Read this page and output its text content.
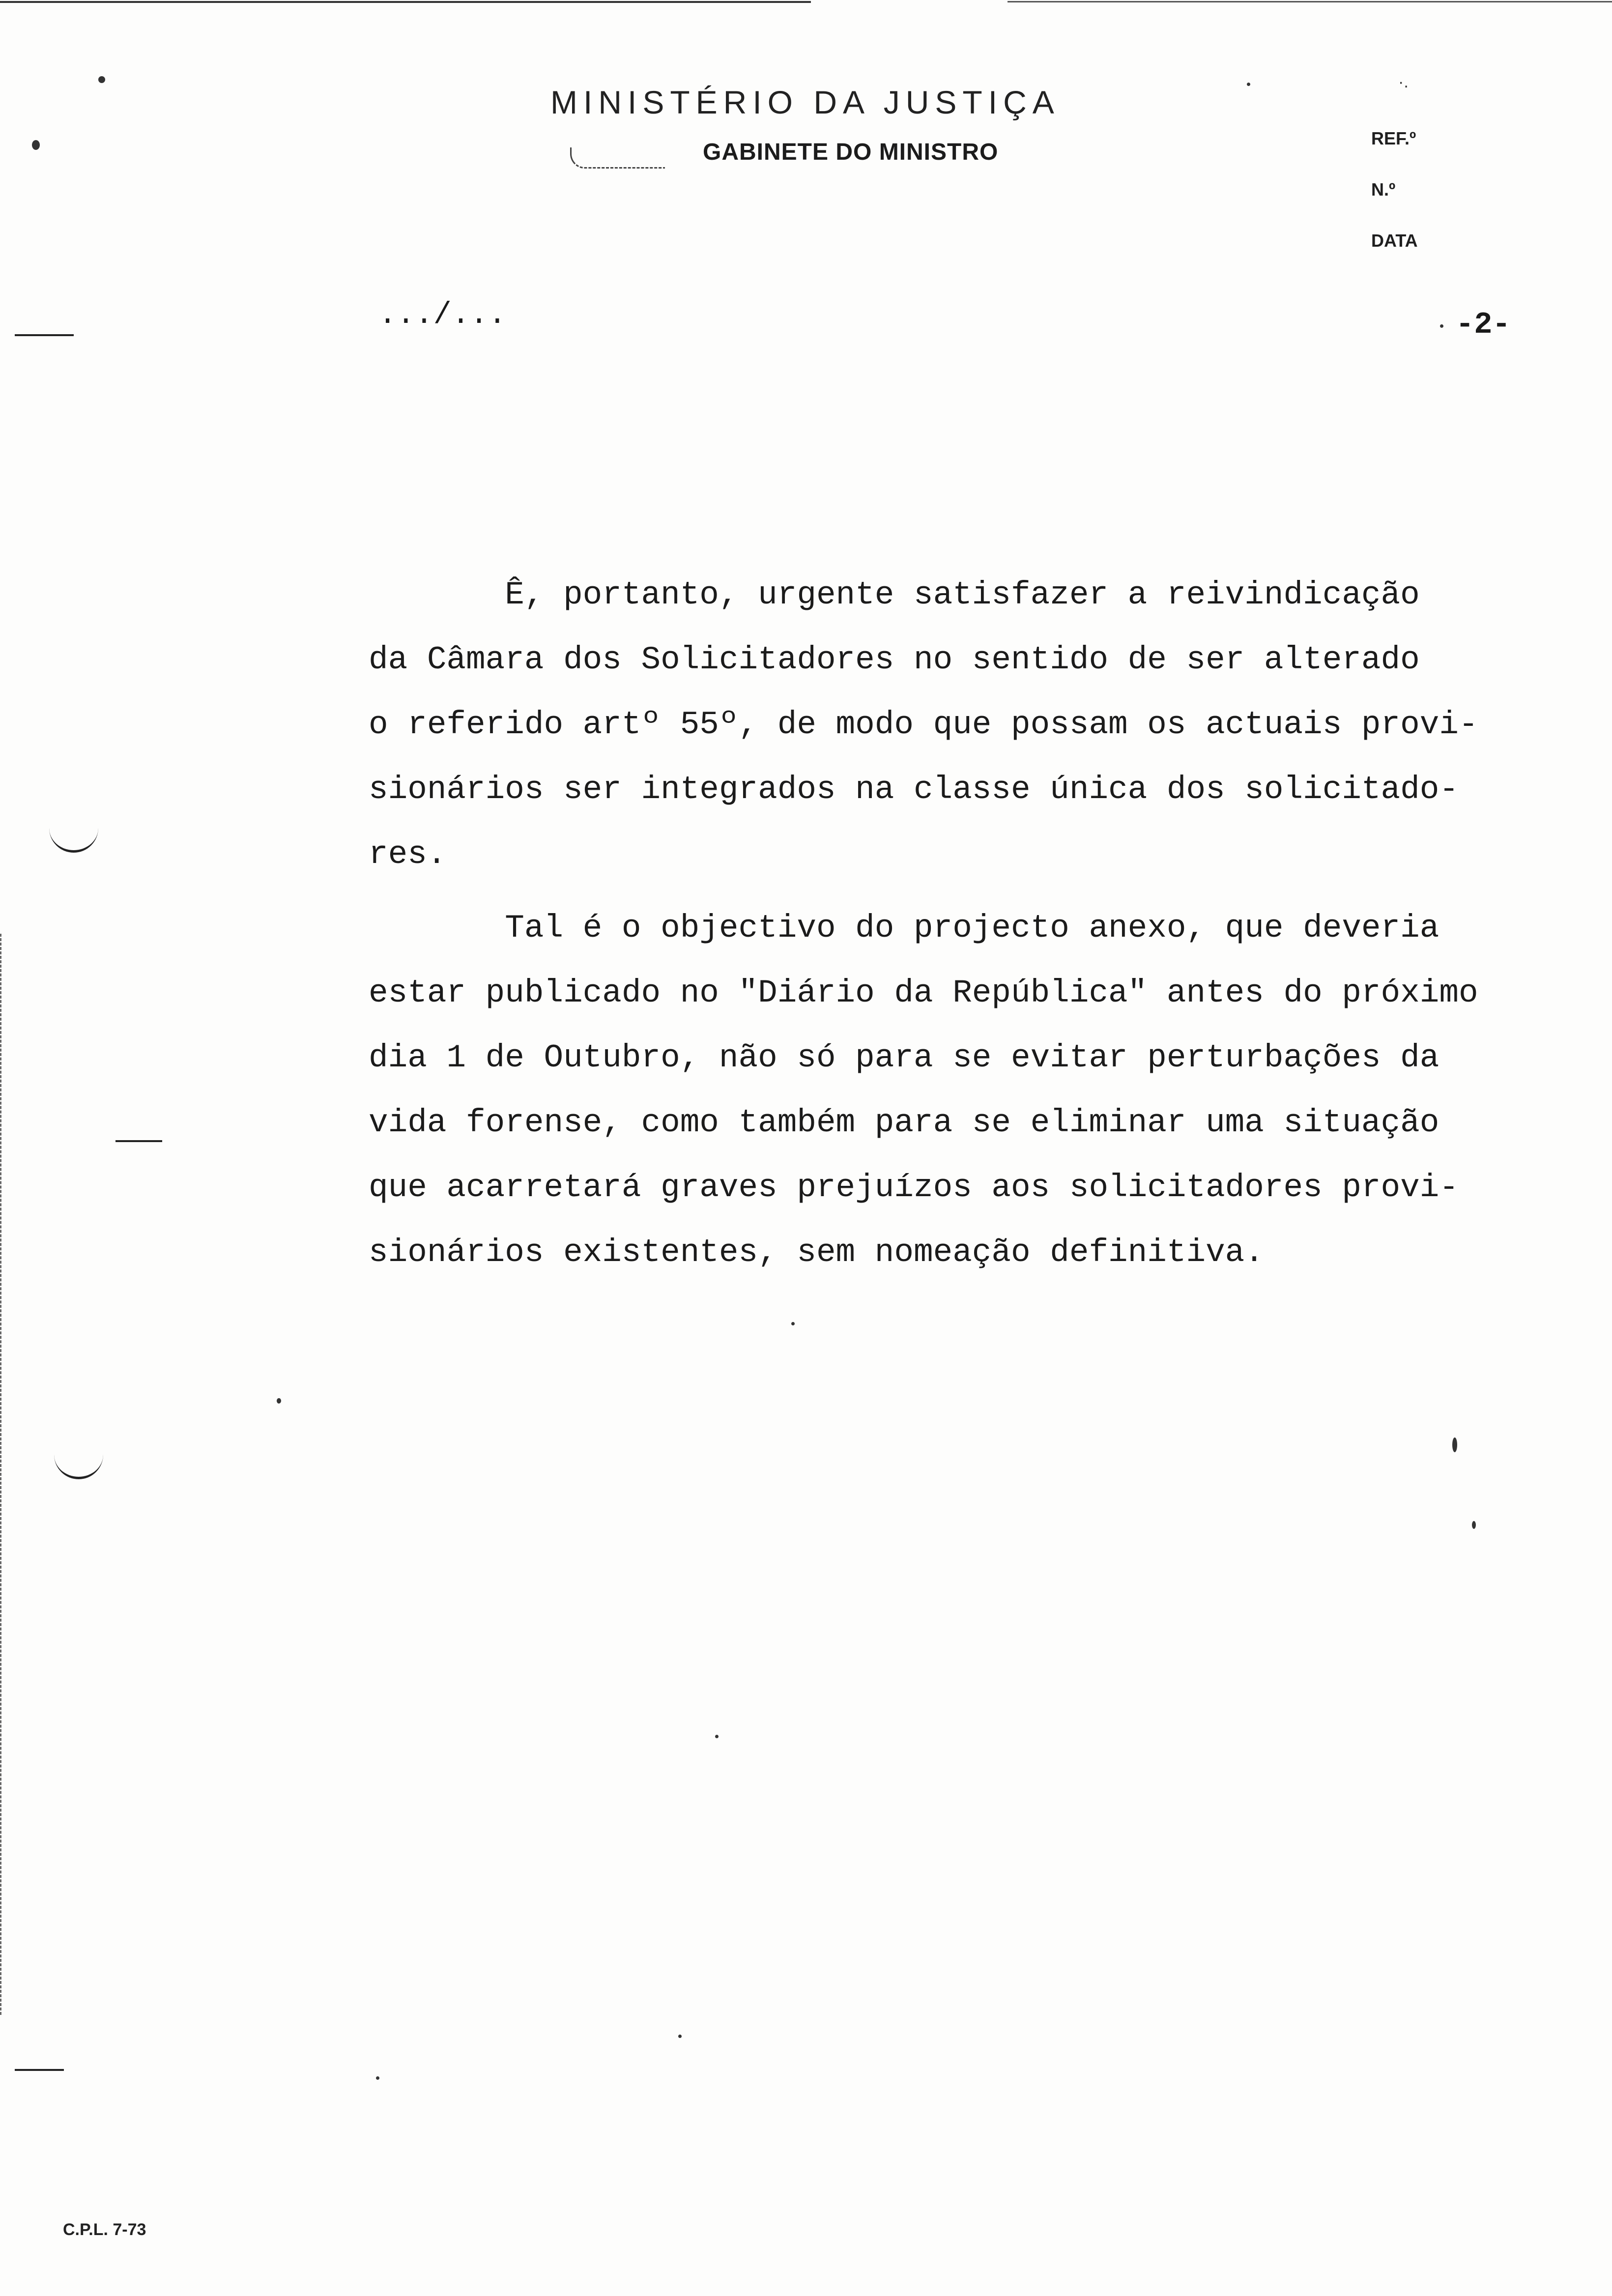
MINISTÉRIO DA JUSTIÇA
GABINETE DO MINISTRO
·.
REF.º
N.º
DATA
.../...	-2-
Ê, portanto, urgente satisfazer a reivindicação
da Câmara dos Solicitadores no sentido de ser alterado
o referido artº 55º, de modo que possam os actuais provi-
sionários ser integrados na classe única dos solicitado-
res.
Tal é o objectivo do projecto anexo, que deveria
estar publicado no "Diário da República" antes do próximo
dia 1 de Outubro, não só para se evitar perturbações da
vida forense, como também para se eliminar uma situação
que acarretará graves prejuízos aos solicitadores provi-
sionários existentes, sem nomeação definitiva.
C.P.L. 7-73
